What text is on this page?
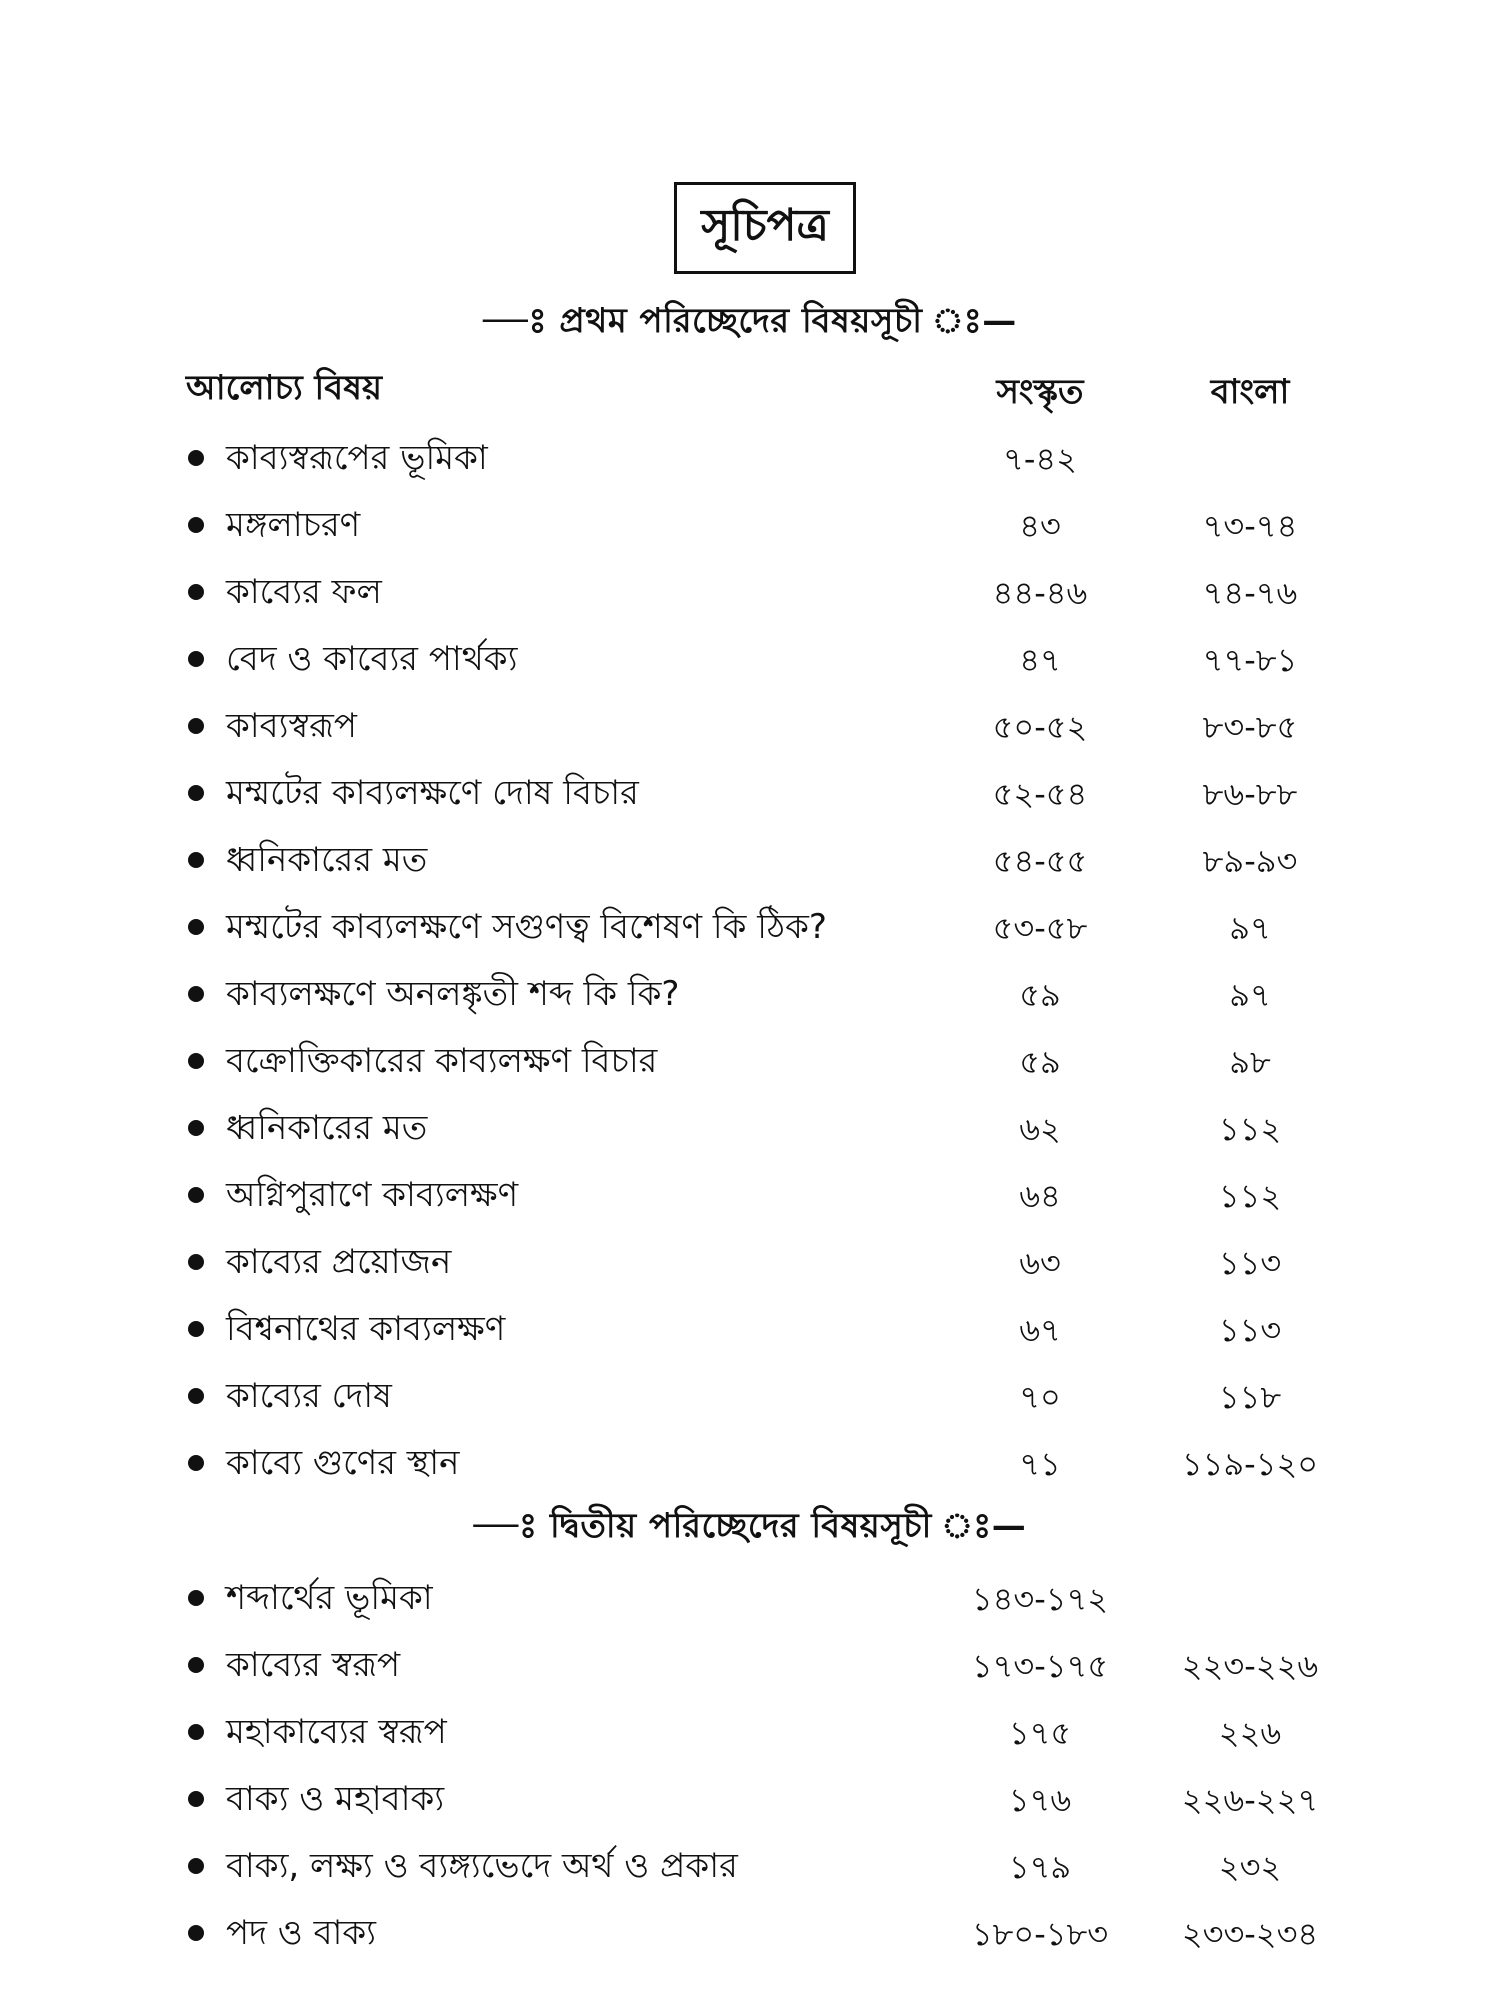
সূচিপত্র
—ঃ প্রথম পরিচ্ছেদের বিষয়সূচী ঃ—
আলোচ্য বিষয়	সংস্কৃত	বাংলা
কাব্যস্বরূপের ভূমিকা	৭-৪২
মঙ্গলাচরণ	৪৩	৭৩-৭৪
কাব্যের ফল	৪৪-৪৬	৭৪-৭৬
বেদ ও কাব্যের পার্থক্য	৪৭	৭৭-৮১
কাব্যস্বরূপ	৫০-৫২	৮৩-৮৫
মম্মটের কাব্যলক্ষণে দোষ বিচার	৫২-৫৪	৮৬-৮৮
ধ্বনিকারের মত	৫৪-৫৫	৮৯-৯৩
মম্মটের কাব্যলক্ষণে সগুণত্ব বিশেষণ কি ঠিক?	৫৩-৫৮	৯৭
কাব্যলক্ষণে অনলঙ্কৃতী শব্দ কি কি?	৫৯	৯৭
বক্রোক্তিকারের কাব্যলক্ষণ বিচার	৫৯	৯৮
ধ্বনিকারের মত	৬২	১১২
অগ্নিপুরাণে কাব্যলক্ষণ	৬৪	১১২
কাব্যের প্রয়োজন	৬৩	১১৩
বিশ্বনাথের কাব্যলক্ষণ	৬৭	১১৩
কাব্যের দোষ	৭০	১১৮
কাব্যে গুণের স্থান	৭১	১১৯-১২০
—ঃ দ্বিতীয় পরিচ্ছেদের বিষয়সূচী ঃ—
শব্দার্থের ভূমিকা	১৪৩-১৭২
কাব্যের স্বরূপ	১৭৩-১৭৫	২২৩-২২৬
মহাকাব্যের স্বরূপ	১৭৫	২২৬
বাক্য ও মহাবাক্য	১৭৬	২২৬-২২৭
বাক্য, লক্ষ্য ও ব্যঙ্গ্যভেদে অর্থ ও প্রকার	১৭৯	২৩২
পদ ও বাক্য	১৮০-১৮৩	২৩৩-২৩৪
